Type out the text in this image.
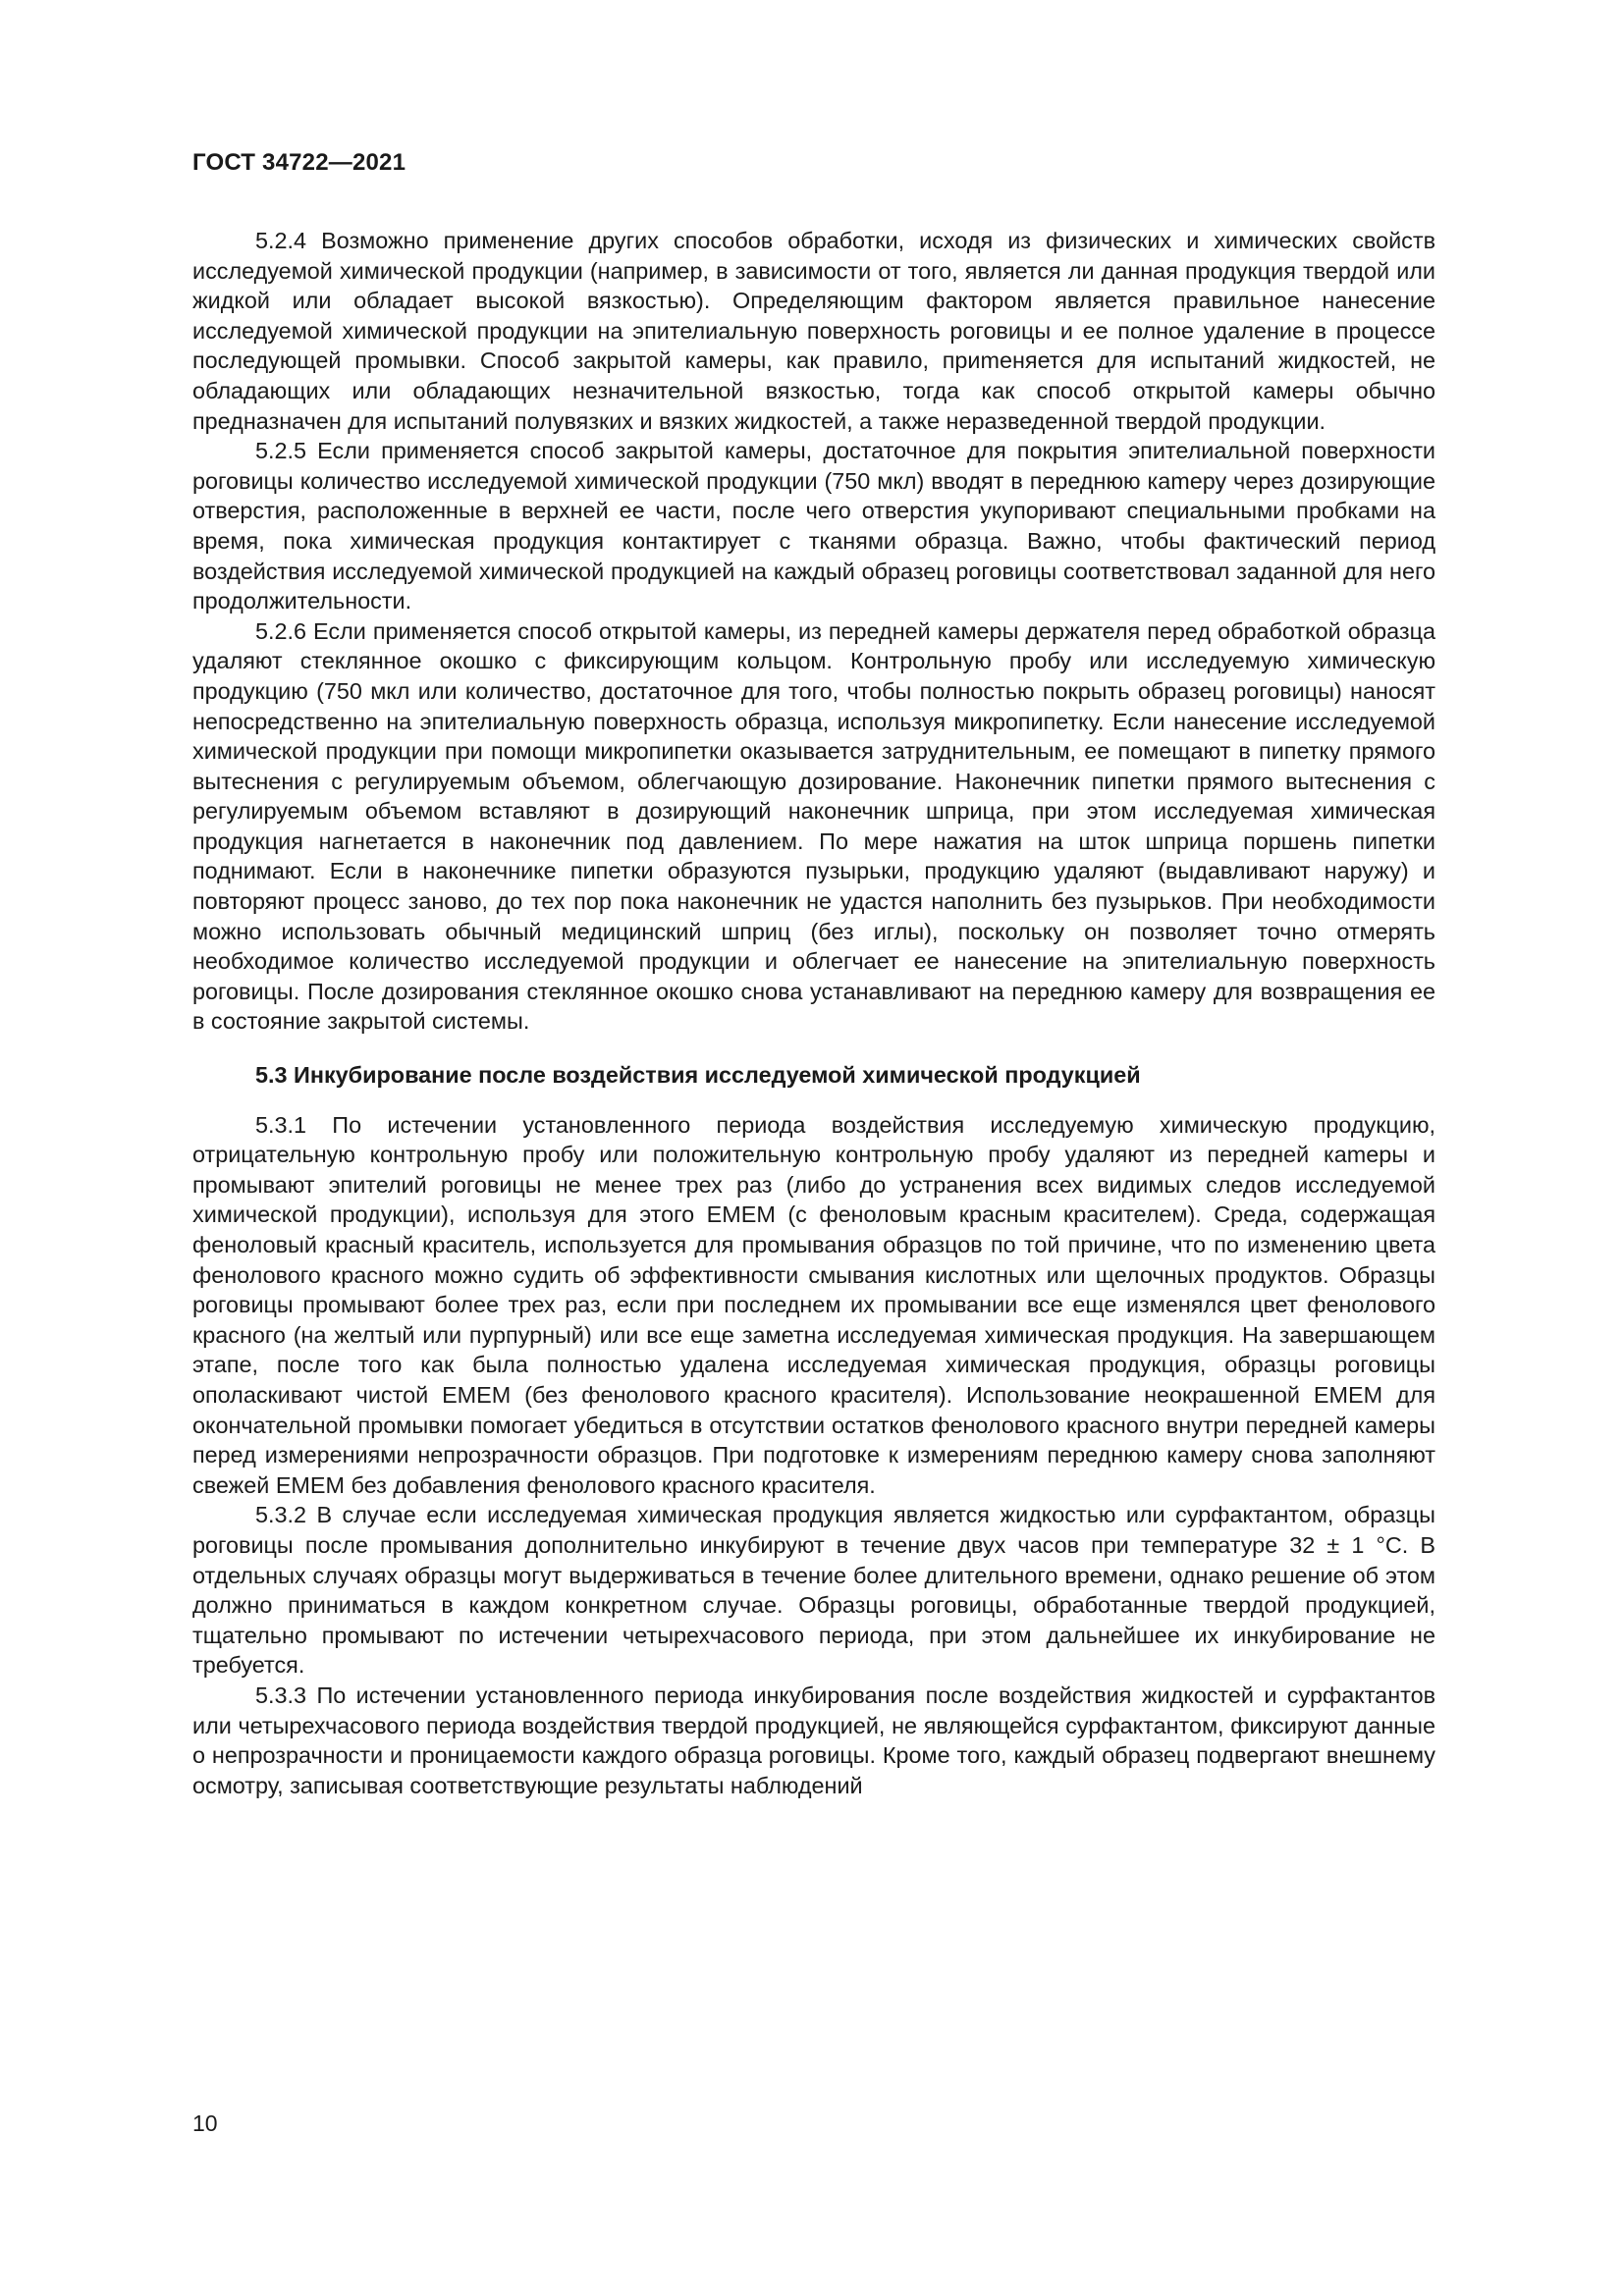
ГОСТ 34722—2021

5.2.4 Возможно применение других способов обработки, исходя из физических и химических свойств исследуемой химической продукции (например, в зависимости от того, является ли данная продукция твердой или жидкой или обладает высокой вязкостью). Определяющим фактором является правильное нанесение исследуемой химической продукции на эпителиальную поверхность роговицы и ее полное удаление в процессе последующей промывки. Способ закрытой камеры, как правило, приmеняется для испытаний жидкостей, не обладающих или обладающих незначительной вязкостью, тогда как способ открытой камеры обычно предназначен для испытаний полувязких и вязких жидкостей, а также неразведенной твердой продукции.

5.2.5 Если применяется способ закрытой камеры, достаточное для покрытия эпителиальной поверхности роговицы количество исследуемой химической продукции (750 мкл) вводят в переднюю каmеру через дозирующие отверстия, расположенные в верхней ее части, после чего отверстия укупоривают специальными пробками на время, пока химическая продукция контактирует с тканями образца. Важно, чтобы фактический период воздействия исследуемой химической продукцией на каждый образец роговицы соответствовал заданной для него продолжительности.

5.2.6 Если применяется способ открытой камеры, из передней камеры держателя перед обработкой образца удаляют стеклянное окошко с фиксирующим кольцом. Контрольную пробу или исследуемую химическую продукцию (750 мкл или количество, достаточное для того, чтобы полностью покрыть образец роговицы) наносят непосредственно на эпителиальную поверхность образца, используя микропипетку. Если нанесение исследуемой химической продукции при помощи микропипетки оказывается затруднительным, ее помещают в пипетку прямого вытеснения с регулируемым объемом, облегчающую дозирование. Наконечник пипетки прямого вытеснения с регулируемым объемом вставляют в дозирующий наконечник шприца, при этом исследуемая химическая продукция нагнетается в наконечник под давлением. По мере нажатия на шток шприца поршень пипетки поднимают. Если в наконечнике пипетки образуются пузырьки, продукцию удаляют (выдавливают наружу) и повторяют процесс заново, до тех пор пока наконечник не удастся наполнить без пузырьков. При необходимости можно использовать обычный медицинский шприц (без иглы), поскольку он позволяет точно отмерять необходимое количество исследуемой продукции и облегчает ее нанесение на эпителиальную поверхность роговицы. После дозирования стеклянное окошко снова устанавливают на переднюю камеру для возвращения ее в состояние закрытой системы.

5.3 Инкубирование после воздействия исследуемой химической продукцией

5.3.1 По истечении установленного периода воздействия исследуемую химическую продукцию, отрицательную контрольную пробу или положительную контрольную пробу удаляют из передней каmеры и промывают эпителий роговицы не менее трех раз (либо до устранения всех видимых следов исследуемой химической продукции), используя для этого ЕМЕМ (с феноловым красным красителем). Среда, содержащая феноловый красный краситель, используется для промывания образцов по той причине, что по изменению цвета фенолового красного можно судить об эффективности смывания кислотных или щелочных продуктов. Образцы роговицы промывают более трех раз, если при последнем их промывании все еще изменялся цвет фенолового красного (на желтый или пурпурный) или все еще заметна исследуемая химическая продукция. На завершающем этапе, после того как была полностью удалена исследуемая химическая продукция, образцы роговицы ополаскивают чистой ЕМЕМ (без фенолового красного красителя). Использование неокрашенной ЕМЕМ для окончательной промывки помогает убедиться в отсутствии остатков фенолового красного внутри передней камеры перед измерениями непрозрачности образцов. При подготовке к измерениям переднюю камеру снова заполняют свежей ЕМЕМ без добавления фенолового красного красителя.

5.3.2 В случае если исследуемая химическая продукция является жидкостью или сурфактантом, образцы роговицы после промывания дополнительно инкубируют в течение двух часов при температуре 32 ± 1 °С. В отдельных случаях образцы могут выдерживаться в течение более длительного времени, однако решение об этом должно приниматься в каждом конкретном случае. Образцы роговицы, обработанные твердой продукцией, тщательно промывают по истечении четырехчасового периода, при этом дальнейшее их инкубирование не требуется.

5.3.3 По истечении установленного периода инкубирования после воздействия жидкостей и сурфактантов или четырехчасового периода воздействия твердой продукцией, не являющейся сурфактантом, фиксируют данные о непрозрачности и проницаемости каждого образца роговицы. Кроме того, каждый образец подвергают внешнему осмотру, записывая соответствующие результаты наблюдений

10
